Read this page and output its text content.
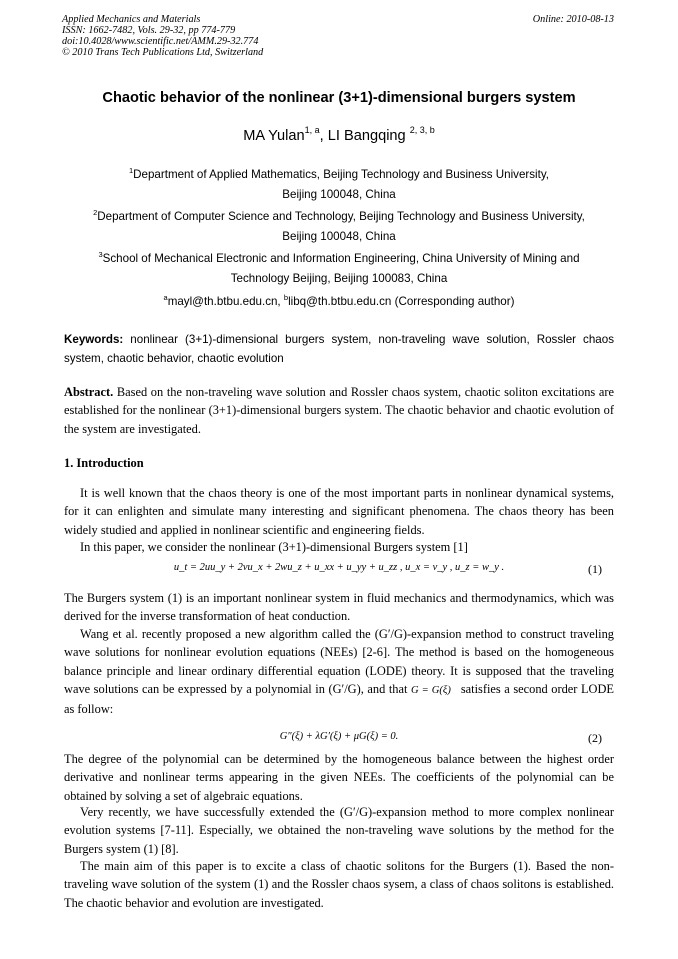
Applied Mechanics and Materials
ISSN: 1662-7482, Vols. 29-32, pp 774-779
doi:10.4028/www.scientific.net/AMM.29-32.774
© 2010 Trans Tech Publications Ltd, Switzerland
Online: 2010-08-13
Chaotic behavior of the nonlinear (3+1)-dimensional burgers system
MA Yulan$^{1, a}$, LI Bangqing $^{2, 3, b}$
$^1$Department of Applied Mathematics, Beijing Technology and Business University,
Beijing 100048, China
$^2$Department of Computer Science and Technology, Beijing Technology and Business University,
Beijing 100048, China
$^3$School of Mechanical Electronic and Information Engineering, China University of Mining and
Technology Beijing, Beijing 100083, China
$^a$mayl@th.btbu.edu.cn, $^b$libq@th.btbu.edu.cn (Corresponding author)
Keywords: nonlinear (3+1)-dimensional burgers system, non-traveling wave solution, Rossler chaos system, chaotic behavior, chaotic evolution
Abstract. Based on the non-traveling wave solution and Rossler chaos system, chaotic soliton excitations are established for the nonlinear (3+1)-dimensional burgers system. The chaotic behavior and chaotic evolution of the system are investigated.
1. Introduction
It is well known that the chaos theory is one of the most important parts in nonlinear dynamical systems, for it can enlighten and simulate many interesting and significant phenomena. The chaos theory has been widely studied and applied in nonlinear scientific and engineering fields.
In this paper, we consider the nonlinear (3+1)-dimensional Burgers system [1]
u_t = 2uu_y + 2vu_x + 2wu_z + u_xx + u_yy + u_zz , u_x = v_y , u_z = w_y .	(1)
The Burgers system (1) is an important nonlinear system in fluid mechanics and thermodynamics, which was derived for the inverse transformation of heat conduction.
Wang et al. recently proposed a new algorithm called the (G′/G)-expansion method to construct traveling wave solutions for nonlinear evolution equations (NEEs) [2-6]. The method is based on the homogeneous balance principle and linear ordinary differential equation (LODE) theory. It is supposed that the traveling wave solutions can be expressed by a polynomial in (G′/G), and that G = G(ξ) satisfies a second order LODE as follow:
G″(ξ) + λG′(ξ) + μG(ξ) = 0.	(2)
The degree of the polynomial can be determined by the homogeneous balance between the highest order derivative and nonlinear terms appearing in the given NEEs. The coefficients of the polynomial can be obtained by solving a set of algebraic equations.
Very recently, we have successfully extended the (G′/G)-expansion method to more complex nonlinear evolution systems [7-11]. Especially, we obtained the non-traveling wave solutions by the method for the Burgers system (1) [8].
The main aim of this paper is to excite a class of chaotic solitons for the Burgers (1). Based the non-traveling wave solution of the system (1) and the Rossler chaos sysem, a class of chaos solitons is established. The chaotic behavior and evolution are investigated.
